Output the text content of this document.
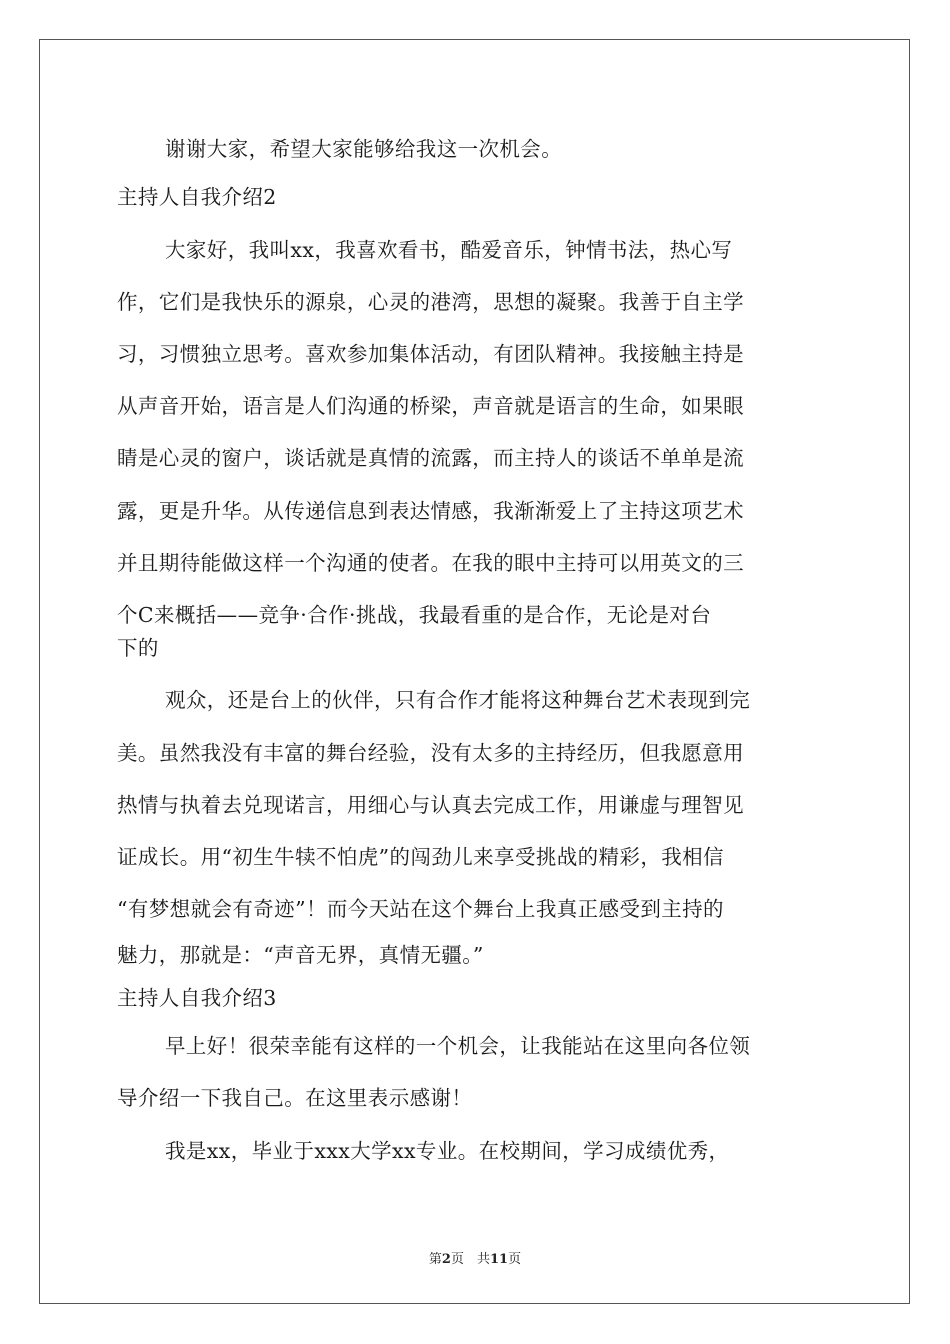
谢谢大家，希望大家能够给我这一次机会。
主持人自我介绍2
大家好，我叫xx，我喜欢看书，酷爱音乐，钟情书法，热心写
作，它们是我快乐的源泉，心灵的港湾，思想的凝聚。我善于自主学
习，习惯独立思考。喜欢参加集体活动，有团队精神。我接触主持是
从声音开始，语言是人们沟通的桥梁，声音就是语言的生命，如果眼
睛是心灵的窗户，谈话就是真情的流露，而主持人的谈话不单单是流
露，更是升华。从传递信息到表达情感，我渐渐爱上了主持这项艺术
并且期待能做这样一个沟通的使者。在我的眼中主持可以用英文的三
个C来概括——竞争·合作·挑战，我最看重的是合作，无论是对台
下的
观众，还是台上的伙伴，只有合作才能将这种舞台艺术表现到完
美。虽然我没有丰富的舞台经验，没有太多的主持经历，但我愿意用
热情与执着去兑现诺言，用细心与认真去完成工作，用谦虚与理智见
证成长。用“初生牛犊不怕虎”的闯劲儿来享受挑战的精彩，我相信
“有梦想就会有奇迹”！而今天站在这个舞台上我真正感受到主持的
魅力，那就是：“声音无界，真情无疆。”
主持人自我介绍3
早上好！很荣幸能有这样的一个机会，让我能站在这里向各位领
导介绍一下我自己。在这里表示感谢！
我是xx，毕业于xxx大学xx专业。在校期间，学习成绩优秀，
第2页　共11页
